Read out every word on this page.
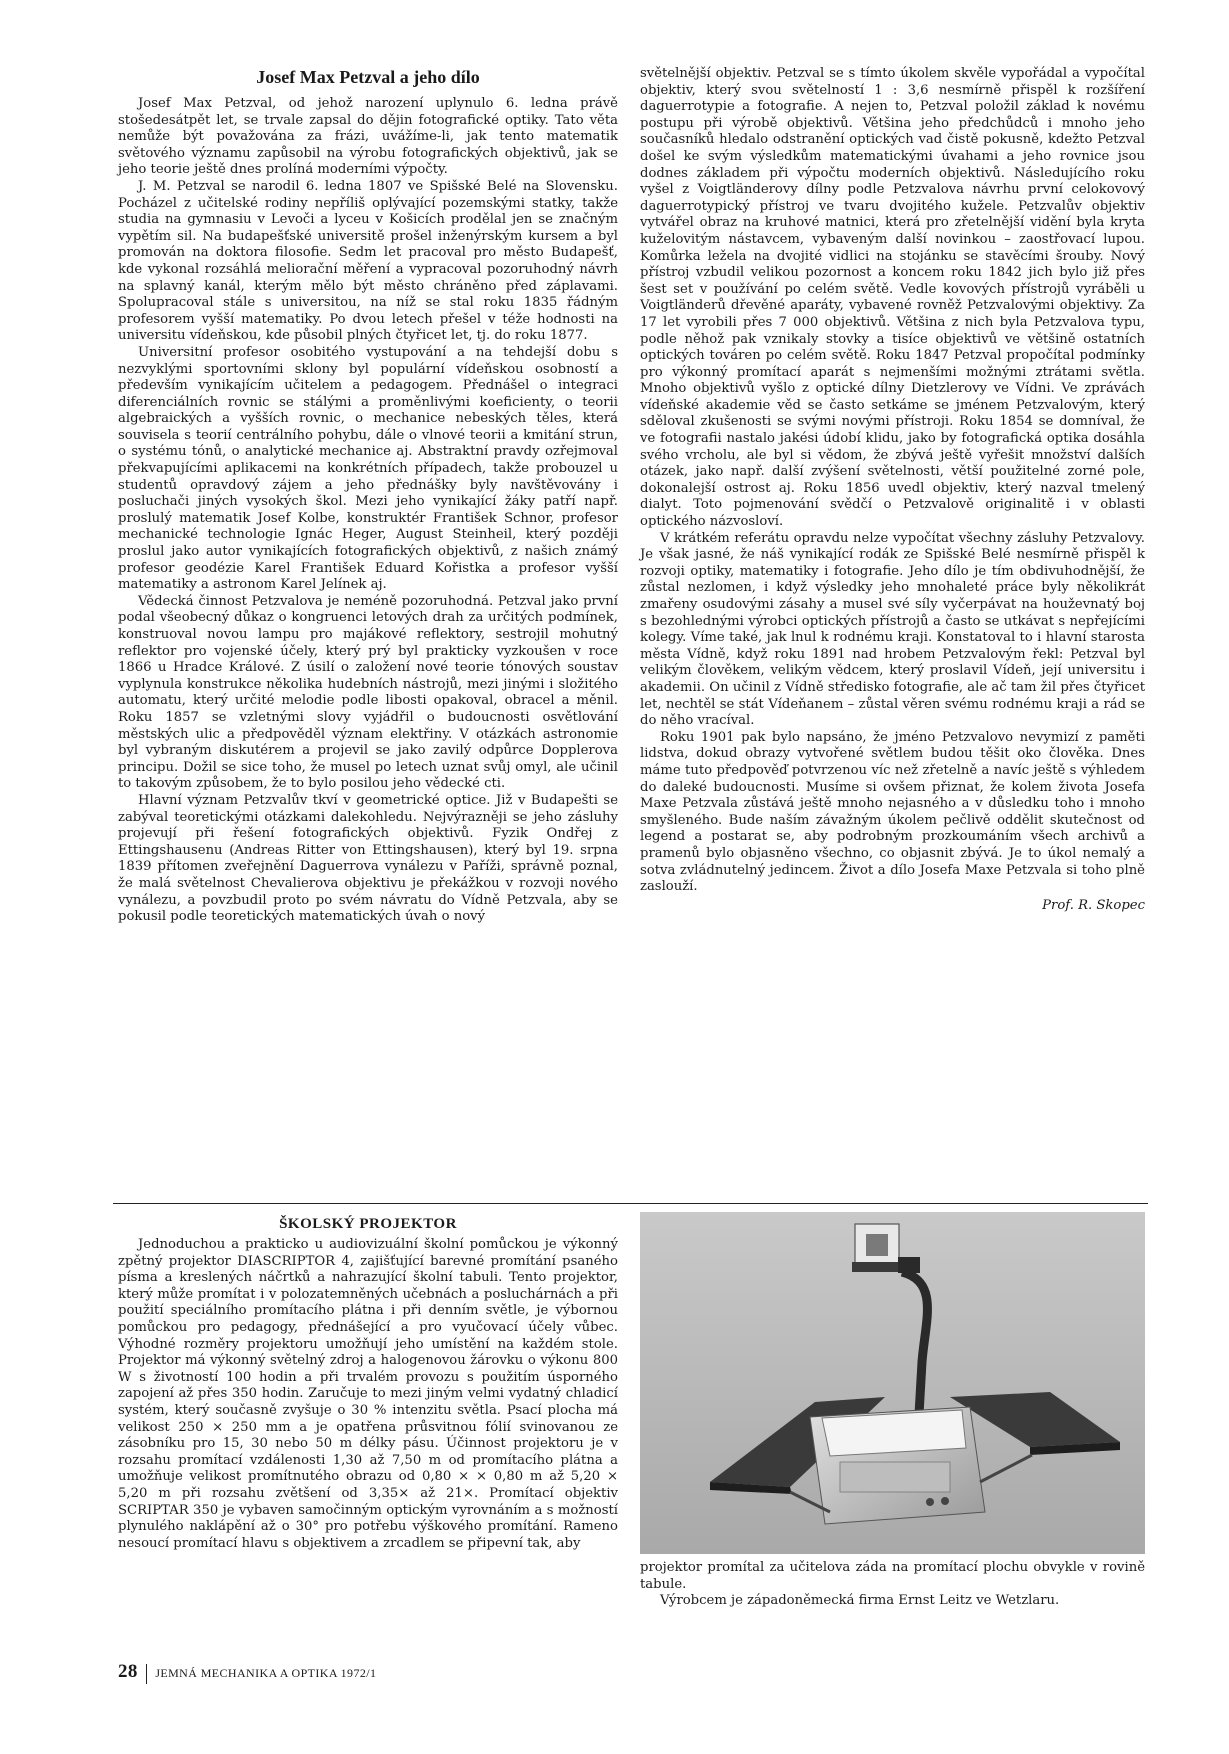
Josef Max Petzval a jeho dílo

Josef Max Petzval, od jehož narození uplynulo 6. ledna právě stošedesátpět let, se trvale zapsal do dějin fotografické optiky. Tato věta nemůže být považována za frázi, uvážíme-li, jak tento matematik světového významu zapůsobil na výrobu fotografických objektivů, jak se jeho teorie ještě dnes prolíná moderními výpočty.

J. M. Petzval se narodil 6. ledna 1807 ve Spišské Belé na Slovensku. Pocházel z učitelské rodiny nepříliš oplývající pozemskými statky, takže studia na gymnasiu v Levoči a lyceu v Košicích prodělal jen se značným vypětím sil. Na budapešťské universitě prošel inženýrským kursem a byl promován na doktora filosofie. Sedm let pracoval pro město Budapešť, kde vykonal rozsáhlá meliorační měření a vypracoval pozoruhodný návrh na splavný kanál, kterým mělo být město chráněno před záplavami. Spolupracoval stále s universitou, na níž se stal roku 1835 řádným profesorem vyšší matematiky. Po dvou letech přešel v téže hodnosti na universitu vídeňskou, kde působil plných čtyřicet let, tj. do roku 1877.

Universitní profesor osobitého vystupování a na tehdejší dobu s nezvyklými sportovními sklony byl populární vídeňskou osobností a především vynikajícím učitelem a pedagogem. Přednášel o integraci diferenciálních rovnic se stálými a proměnlivými koeficienty, o teorii algebraických a vyšších rovnic, o mechanice nebeských těles, která souvisela s teorií centrálního pohybu, dále o vlnové teorii a kmitání strun, o systému tónů, o analytické mechanice aj. Abstraktní pravdy ozřejmoval překvapujícími aplikacemi na konkrétních případech, takže probouzel u studentů opravdový zájem a jeho přednášky byly navštěvovány i posluchači jiných vysokých škol. Mezi jeho vynikající žáky patří např. proslulý matematik Josef Kolbe, konstruktér František Schnor, profesor mechanické technologie Ignác Heger, August Steinheil, který později proslul jako autor vynikajících fotografických objektivů, z našich známý profesor geodézie Karel František Eduard Kořistka a profesor vyšší matematiky a astronom Karel Jelínek aj.

Vědecká činnost Petzvalova je neméně pozoruhodná. Petzval jako první podal všeobecný důkaz o kongruenci letových drah za určitých podmínek, konstruoval novou lampu pro majákové reflektory, sestrojil mohutný reflektor pro vojenské účely, který prý byl prakticky vyzkoušen v roce 1866 u Hradce Králové. Z úsilí o založení nové teorie tónových soustav vyplynula konstrukce několika hudebních nástrojů, mezi jinými i složitého automatu, který určité melodie podle libosti opakoval, obracel a měnil. Roku 1857 se vzletnými slovy vyjádřil o budoucnosti osvětlování městských ulic a předpověděl význam elektřiny. V otázkách astronomie byl vybraným diskutérem a projevil se jako zavilý odpůrce Dopplerova principu. Dožil se sice toho, že musel po letech uznat svůj omyl, ale učinil to takovým způsobem, že to bylo posilou jeho vědecké cti.

Hlavní význam Petzvalův tkví v geometrické optice. Již v Budapešti se zabýval teoretickými otázkami dalekohledu. Nejvýrazněji se jeho zásluhy projevují při řešení fotografických objektivů. Fyzik Ondřej z Ettingshausenu (Andreas Ritter von Ettingshausen), který byl 19. srpna 1839 přítomen zveřejnění Daguerrova vynálezu v Paříži, správně poznal, že malá světelnost Chevalierova objektivu je překážkou v rozvoji nového vynálezu, a povzbudil proto po svém návratu do Vídně Petzvala, aby se pokusil podle teoretických matematických úvah o nový

světelnější objektiv. Petzval se s tímto úkolem skvěle vypořádal a vypočítal objektiv, který svou světelností 1 : 3,6 nesmírně přispěl k rozšíření daguerrotypie a fotografie. A nejen to, Petzval položil základ k novému postupu při výrobě objektivů. Většina jeho předchůdců i mnoho jeho současníků hledalo odstranění optických vad čistě pokusně, kdežto Petzval došel ke svým výsledkům matematickými úvahami a jeho rovnice jsou dodnes základem při výpočtu moderních objektivů. Následujícího roku vyšel z Voigtländerovy dílny podle Petzvalova návrhu první celokovový daguerrotypický přístroj ve tvaru dvojitého kužele. Petzvalův objektiv vytvářel obraz na kruhové matnici, která pro zřetelnější vidění byla kryta kuželovitým nástavcem, vybaveným další novinkou – zaostřovací lupou. Komůrka ležela na dvojité vidlici na stojánku se stavěcími šrouby. Nový přístroj vzbudil velikou pozornost a koncem roku 1842 jich bylo již přes šest set v používání po celém světě. Vedle kovových přístrojů vyráběli u Voigtländerů dřevěné aparáty, vybavené rovněž Petzvalovými objektivy. Za 17 let vyrobili přes 7 000 objektivů. Většina z nich byla Petzvalova typu, podle něhož pak vznikaly stovky a tisíce objektivů ve většině ostatních optických továren po celém světě. Roku 1847 Petzval propočítal podmínky pro výkonný promítací aparát s nejmenšími možnými ztrátami světla. Mnoho objektivů vyšlo z optické dílny Dietzlerovy ve Vídni. Ve zprávách vídeňské akademie věd se často setkáme se jménem Petzvalovým, který sděloval zkušenosti se svými novými přístroji. Roku 1854 se domníval, že ve fotografii nastalo jakési údobí klidu, jako by fotografická optika dosáhla svého vrcholu, ale byl si vědom, že zbývá ještě vyřešit množství dalších otázek, jako např. další zvýšení světelnosti, větší použitelné zorné pole, dokonalejší ostrost aj. Roku 1856 uvedl objektiv, který nazval tmelený dialyt. Toto pojmenování svědčí o Petzvalově originalitě i v oblasti optického názvosloví.

V krátkém referátu opravdu nelze vypočítat všechny zásluhy Petzvalovy. Je však jasné, že náš vynikající rodák ze Spišské Belé nesmírně přispěl k rozvoji optiky, matematiky i fotografie. Jeho dílo je tím obdivuhodnější, že zůstal nezlomen, i když výsledky jeho mnohaleté práce byly několikrát zmařeny osudovými zásahy a musel své síly vyčerpávat na houževnatý boj s bezohlednými výrobci optických přístrojů a často se utkávat s nepřejícími kolegy. Víme také, jak lnul k rodnému kraji. Konstatoval to i hlavní starosta města Vídně, když roku 1891 nad hrobem Petzvalovým řekl: Petzval byl velikým člověkem, velikým vědcem, který proslavil Vídeň, její universitu i akademii. On učinil z Vídně středisko fotografie, ale ač tam žil přes čtyřicet let, nechtěl se stát Vídeňanem – zůstal věren svému rodnému kraji a rád se do něho vracíval.

Roku 1901 pak bylo napsáno, že jméno Petzvalovo nevymizí z paměti lidstva, dokud obrazy vytvořené světlem budou těšit oko člověka. Dnes máme tuto předpověď potvrzenou víc než zřetelně a navíc ještě s výhledem do daleké budoucnosti. Musíme si ovšem přiznat, že kolem života Josefa Maxe Petzvala zůstává ještě mnoho nejasného a v důsledku toho i mnoho smyšleného. Bude naším závažným úkolem pečlivě oddělit skutečnost od legend a postarat se, aby podrobným prozkoumáním všech archivů a pramenů bylo objasněno všechno, co objasnit zbývá. Je to úkol nemalý a sotva zvládnutelný jedincem. Život a dílo Josefa Maxe Petzvala si toho plně zaslouží.

Prof. R. Skopec
ŠKOLSKÝ PROJEKTOR

Jednoduchou a prakticko u audiovizuální školní pomůckou je výkonný zpětný projektor DIASCRIPTOR 4, zajišťující barevné promítání psaného písma a kreslených náčrtků a nahrazující školní tabuli. Tento projektor, který může promítat i v polozatemněných učebnách a posluchárnách a při použití speciálního promítacího plátna i při denním světle, je výbornou pomůckou pro pedagogy, přednášející a pro vyučovací účely vůbec. Výhodné rozměry projektoru umožňují jeho umístění na každém stole. Projektor má výkonný světelný zdroj a halogenovou žárovku o výkonu 800 W s životností 100 hodin a při trvalém provozu s použitím úsporného zapojení až přes 350 hodin. Zaručuje to mezi jiným velmi vydatný chladicí systém, který současně zvyšuje o 30 % intenzitu světla. Psací plocha má velikost 250 × 250 mm a je opatřena průsvitnou fólií svinovanou ze zásobníku pro 15, 30 nebo 50 m délky pásu. Účinnost projektoru je v rozsahu promítací vzdálenosti 1,30 až 7,50 m od promítacího plátna a umožňuje velikost promítnutého obrazu od 0,80 × × 0,80 m až 5,20 × 5,20 m při rozsahu zvětšení od 3,35× až 21×. Promítací objektiv SCRIPTAR 350 je vybaven samočinným optickým vyrovnáním a s možností plynulého naklápění až o 30° pro potřebu výškového promítání. Rameno nesoucí promítací hlavu s objektivem a zrcadlem se připevní tak, aby

projektor promítal za učitelova záda na promítací plochu obvykle v rovině tabule.

Výrobcem je západoněmecká firma Ernst Leitz ve Wetzlaru.

28 JEMNÁ MECHANIKA A OPTIKA 1972/1
